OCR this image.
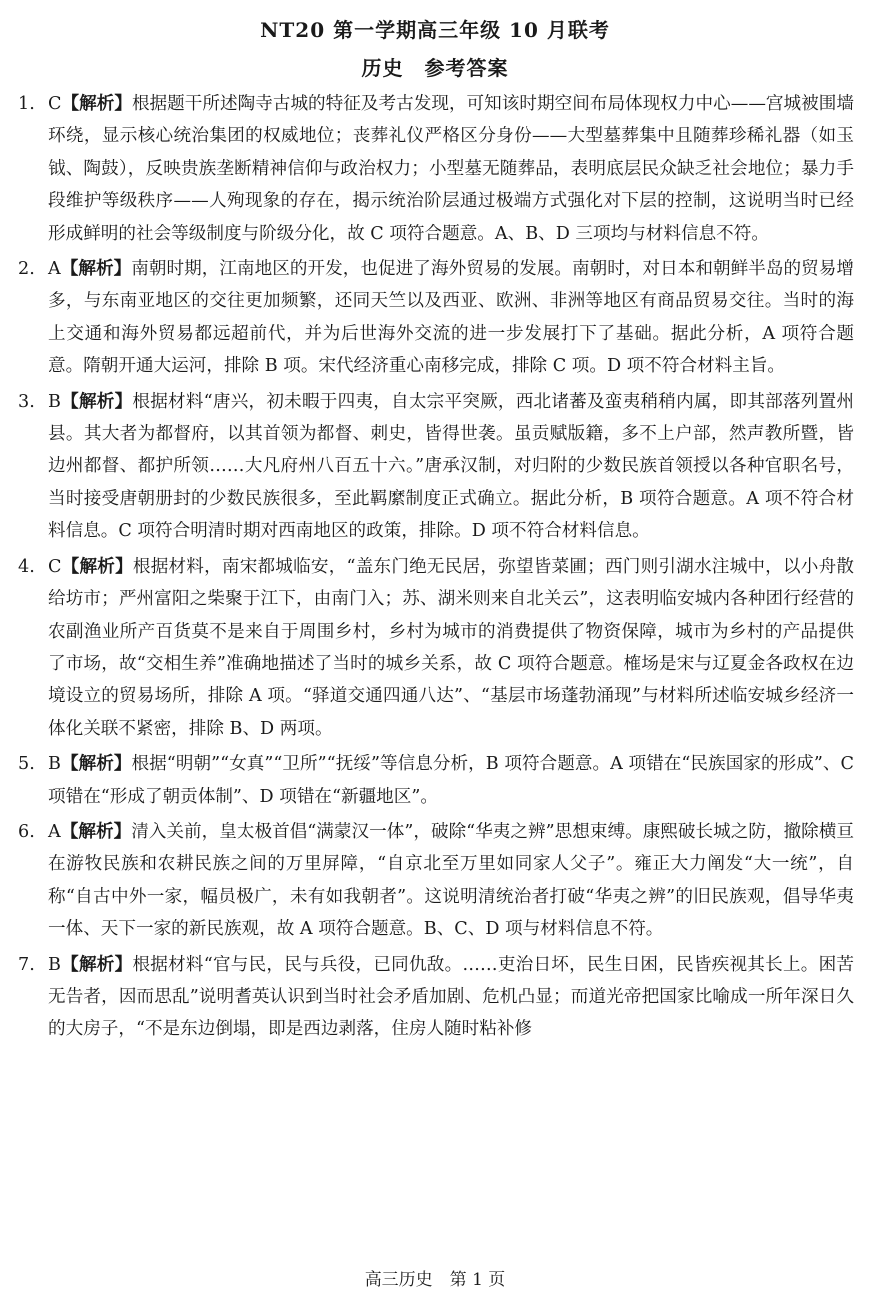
NT20 第一学期高三年级 10 月联考
历史　参考答案
1. C【解析】根据题干所述陶寺古城的特征及考古发现，可知该时期空间布局体现权力中心——宫城被围墙环绕，显示核心统治集团的权威地位；丧葬礼仪严格区分身份——大型墓葬集中且随葬珍稀礼器（如玉钺、陶鼓），反映贵族垄断精神信仰与政治权力；小型墓无随葬品，表明底层民众缺乏社会地位；暴力手段维护等级秩序——人殉现象的存在，揭示统治阶层通过极端方式强化对下层的控制，这说明当时已经形成鲜明的社会等级制度与阶级分化，故 C 项符合题意。A、B、D 三项均与材料信息不符。
2. A【解析】南朝时期，江南地区的开发，也促进了海外贸易的发展。南朝时，对日本和朝鲜半岛的贸易增多，与东南亚地区的交往更加频繁，还同天竺以及西亚、欧洲、非洲等地区有商品贸易交往。当时的海上交通和海外贸易都远超前代，并为后世海外交流的进一步发展打下了基础。据此分析，A 项符合题意。隋朝开通大运河，排除 B 项。宋代经济重心南移完成，排除 C 项。D 项不符合材料主旨。
3. B【解析】根据材料“唐兴，初未暇于四夷，自太宗平突厥，西北诸蕃及蛮夷稍稍内属，即其部落列置州县。其大者为都督府，以其首领为都督、刺史，皆得世袭。虽贡赋版籍，多不上户部，然声教所暨，皆边州都督、都护所领……大凡府州八百五十六。”唐承汉制，对归附的少数民族首领授以各种官职名号，当时接受唐朝册封的少数民族很多，至此羁縻制度正式确立。据此分析，B 项符合题意。A 项不符合材料信息。C 项符合明清时期对西南地区的政策，排除。D 项不符合材料信息。
4. C【解析】根据材料，南宋都城临安，“盖东门绝无民居，弥望皆菜圃；西门则引湖水注城中，以小舟散给坊市；严州富阳之柴聚于江下，由南门入；苏、湖米则来自北关云”，这表明临安城内各种团行经营的农副渔业所产百货莫不是来自于周围乡村，乡村为城市的消费提供了物资保障，城市为乡村的产品提供了市场，故“交相生养”准确地描述了当时的城乡关系，故 C 项符合题意。榷场是宋与辽夏金各政权在边境设立的贸易场所，排除 A 项。“驿道交通四通八达”、“基层市场蓬勃涌现”与材料所述临安城乡经济一体化关联不紧密，排除 B、D 两项。
5. B【解析】根据“明朝”“女真”“卫所”“抚绥”等信息分析，B 项符合题意。A 项错在“民族国家的形成”、C 项错在“形成了朝贡体制”、D 项错在“新疆地区”。
6. A【解析】清入关前，皇太极首倡“满蒙汉一体”，破除“华夷之辨”思想束缚。康熙破长城之防，撤除横亘在游牧民族和农耕民族之间的万里屏障，“自京北至万里如同家人父子”。雍正大力阐发“大一统”，自称“自古中外一家，幅员极广，未有如我朝者”。这说明清统治者打破“华夷之辨”的旧民族观，倡导华夷一体、天下一家的新民族观，故 A 项符合题意。B、C、D 项与材料信息不符。
7. B【解析】根据材料“官与民，民与兵役，已同仇敌。……吏治日坏，民生日困，民皆疾视其长上。困苦无告者，因而思乱”说明耆英认识到当时社会矛盾加剧、危机凸显；而道光帝把国家比喻成一所年深日久的大房子，“不是东边倒塌，即是西边剥落，住房人随时粘补修
高三历史　第 1 页
